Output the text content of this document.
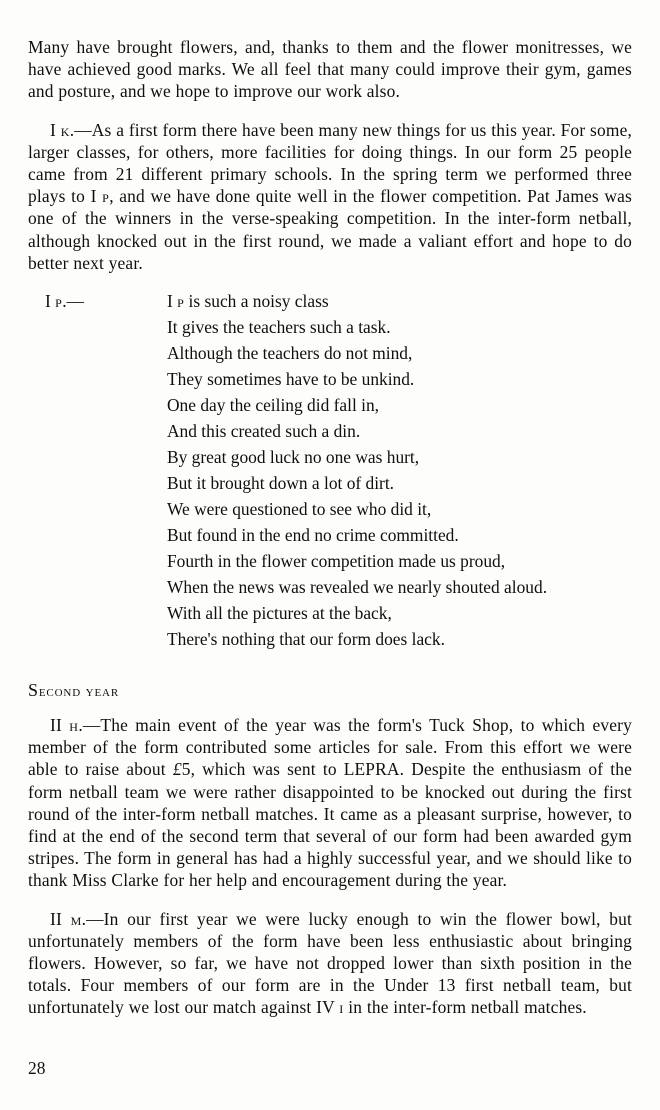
Many have brought flowers, and, thanks to them and the flower monitresses, we have achieved good marks. We all feel that many could improve their gym, games and posture, and we hope to improve our work also.

I k.—As a first form there have been many new things for us this year. For some, larger classes, for others, more facilities for doing things. In our form 25 people came from 21 different primary schools. In the spring term we performed three plays to I p, and we have done quite well in the flower competition. Pat James was one of the winners in the verse-speaking competition. In the inter-form netball, although knocked out in the first round, we made a valiant effort and hope to do better next year.

I p.—	I p is such a noisy class
It gives the teachers such a task.
Although the teachers do not mind,
They sometimes have to be unkind.
One day the ceiling did fall in,
And this created such a din.
By great good luck no one was hurt,
But it brought down a lot of dirt.
We were questioned to see who did it,
But found in the end no crime committed.
Fourth in the flower competition made us proud,
When the news was revealed we nearly shouted aloud.
With all the pictures at the back,
There's nothing that our form does lack.
Second year

II h.—The main event of the year was the form's Tuck Shop, to which every member of the form contributed some articles for sale. From this effort we were able to raise about £5, which was sent to LEPRA. Despite the enthusiasm of the form netball team we were rather disappointed to be knocked out during the first round of the inter-form netball matches. It came as a pleasant surprise, however, to find at the end of the second term that several of our form had been awarded gym stripes. The form in general has had a highly successful year, and we should like to thank Miss Clarke for her help and encouragement during the year.

II m.—In our first year we were lucky enough to win the flower bowl, but unfortunately members of the form have been less enthusiastic about bringing flowers. However, so far, we have not dropped lower than sixth position in the totals. Four members of our form are in the Under 13 first netball team, but unfortunately we lost our match against IV i in the inter-form netball matches.

28
